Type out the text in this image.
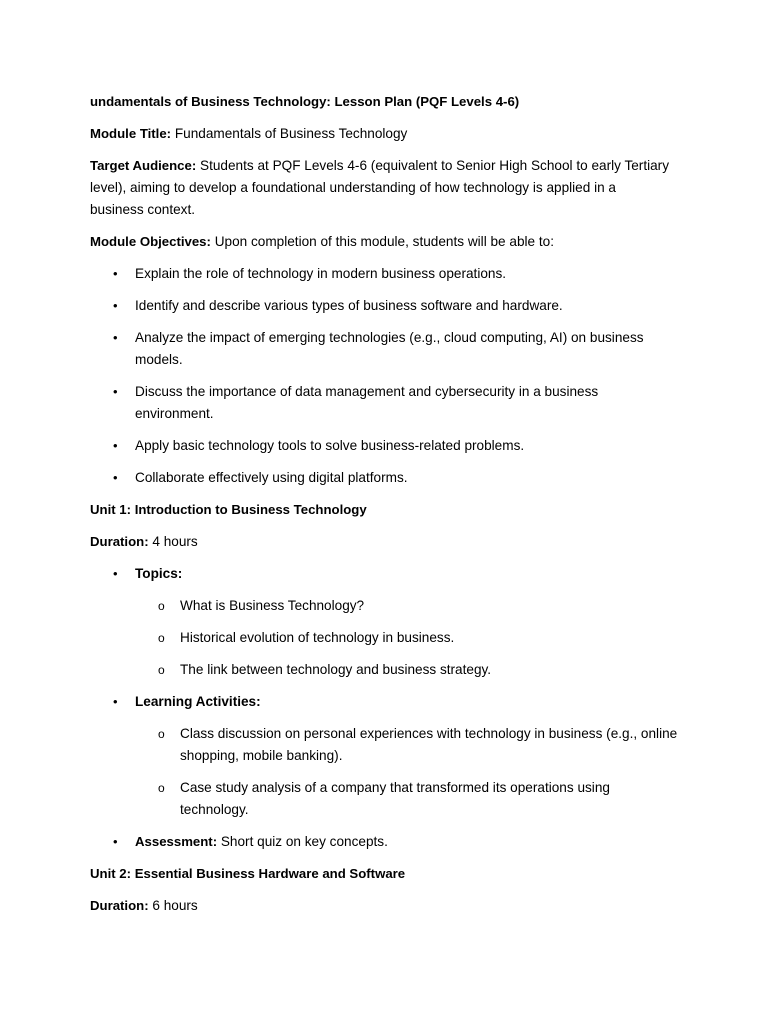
undamentals of Business Technology: Lesson Plan (PQF Levels 4-6)
Module Title: Fundamentals of Business Technology
Target Audience: Students at PQF Levels 4-6 (equivalent to Senior High School to early Tertiary
level), aiming to develop a foundational understanding of how technology is applied in a
business context.
Module Objectives: Upon completion of this module, students will be able to:
• Explain the role of technology in modern business operations.
• Identify and describe various types of business software and hardware.
• Analyze the impact of emerging technologies (e.g., cloud computing, AI) on business models.
• Discuss the importance of data management and cybersecurity in a business environment.
• Apply basic technology tools to solve business-related problems.
• Collaborate effectively using digital platforms.
Unit 1: Introduction to Business Technology
Duration: 4 hours
• Topics:
o What is Business Technology?
o Historical evolution of technology in business.
o The link between technology and business strategy.
• Learning Activities:
o Class discussion on personal experiences with technology in business (e.g., online shopping, mobile banking).
o Case study analysis of a company that transformed its operations using technology.
• Assessment: Short quiz on key concepts.
Unit 2: Essential Business Hardware and Software
Duration: 6 hours
